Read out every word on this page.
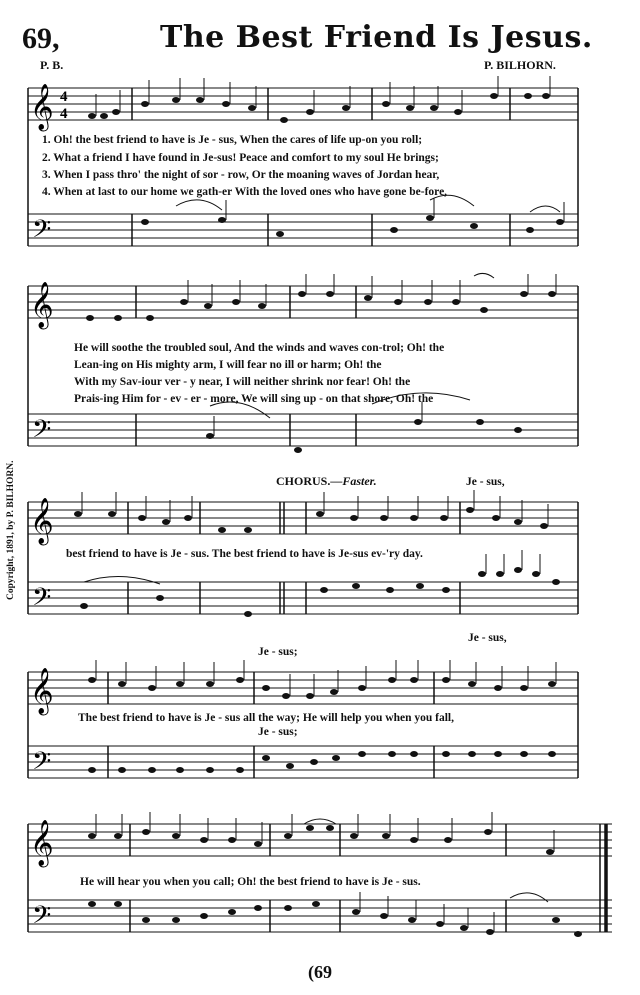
69,	The Best Friend Is Jesus.
P. B.	P. BILHORN.
𝄞
𝄢
4
4
1. Oh! the best friend to have is Je - sus, When the cares of life up-on you roll;
2. What a friend I have found in Je-sus! Peace and comfort to my soul He brings;
3. When I pass thro' the night of sor - row, Or the moaning waves of Jordan hear,
4. When at last to our home we gath-er With the loved ones who have gone be-fore,
𝄞
𝄢
He will soothe the troubled soul, And the winds and waves con-trol; Oh! the
Lean-ing on His mighty arm, I will fear no ill or harm; Oh! the
With my Sav-iour ver - y near, I will neither shrink nor fear! Oh! the
Prais-ing Him for - ev - er - more, We will sing up - on that shore, Oh! the
CHORUS.—Faster.	Je - sus,
𝄞
𝄢
best friend to have is Je - sus. The best friend to have is Je-sus ev-'ry day.
Je - sus,
Copyright, 1891, by P. BILHORN.
Je - sus;
𝄞
𝄢
The best friend to have is Je - sus all the way; He will help you when you fall,
Je - sus;
𝄞
𝄢
He will hear you when you call; Oh! the best friend to have is Je - sus.
(69
